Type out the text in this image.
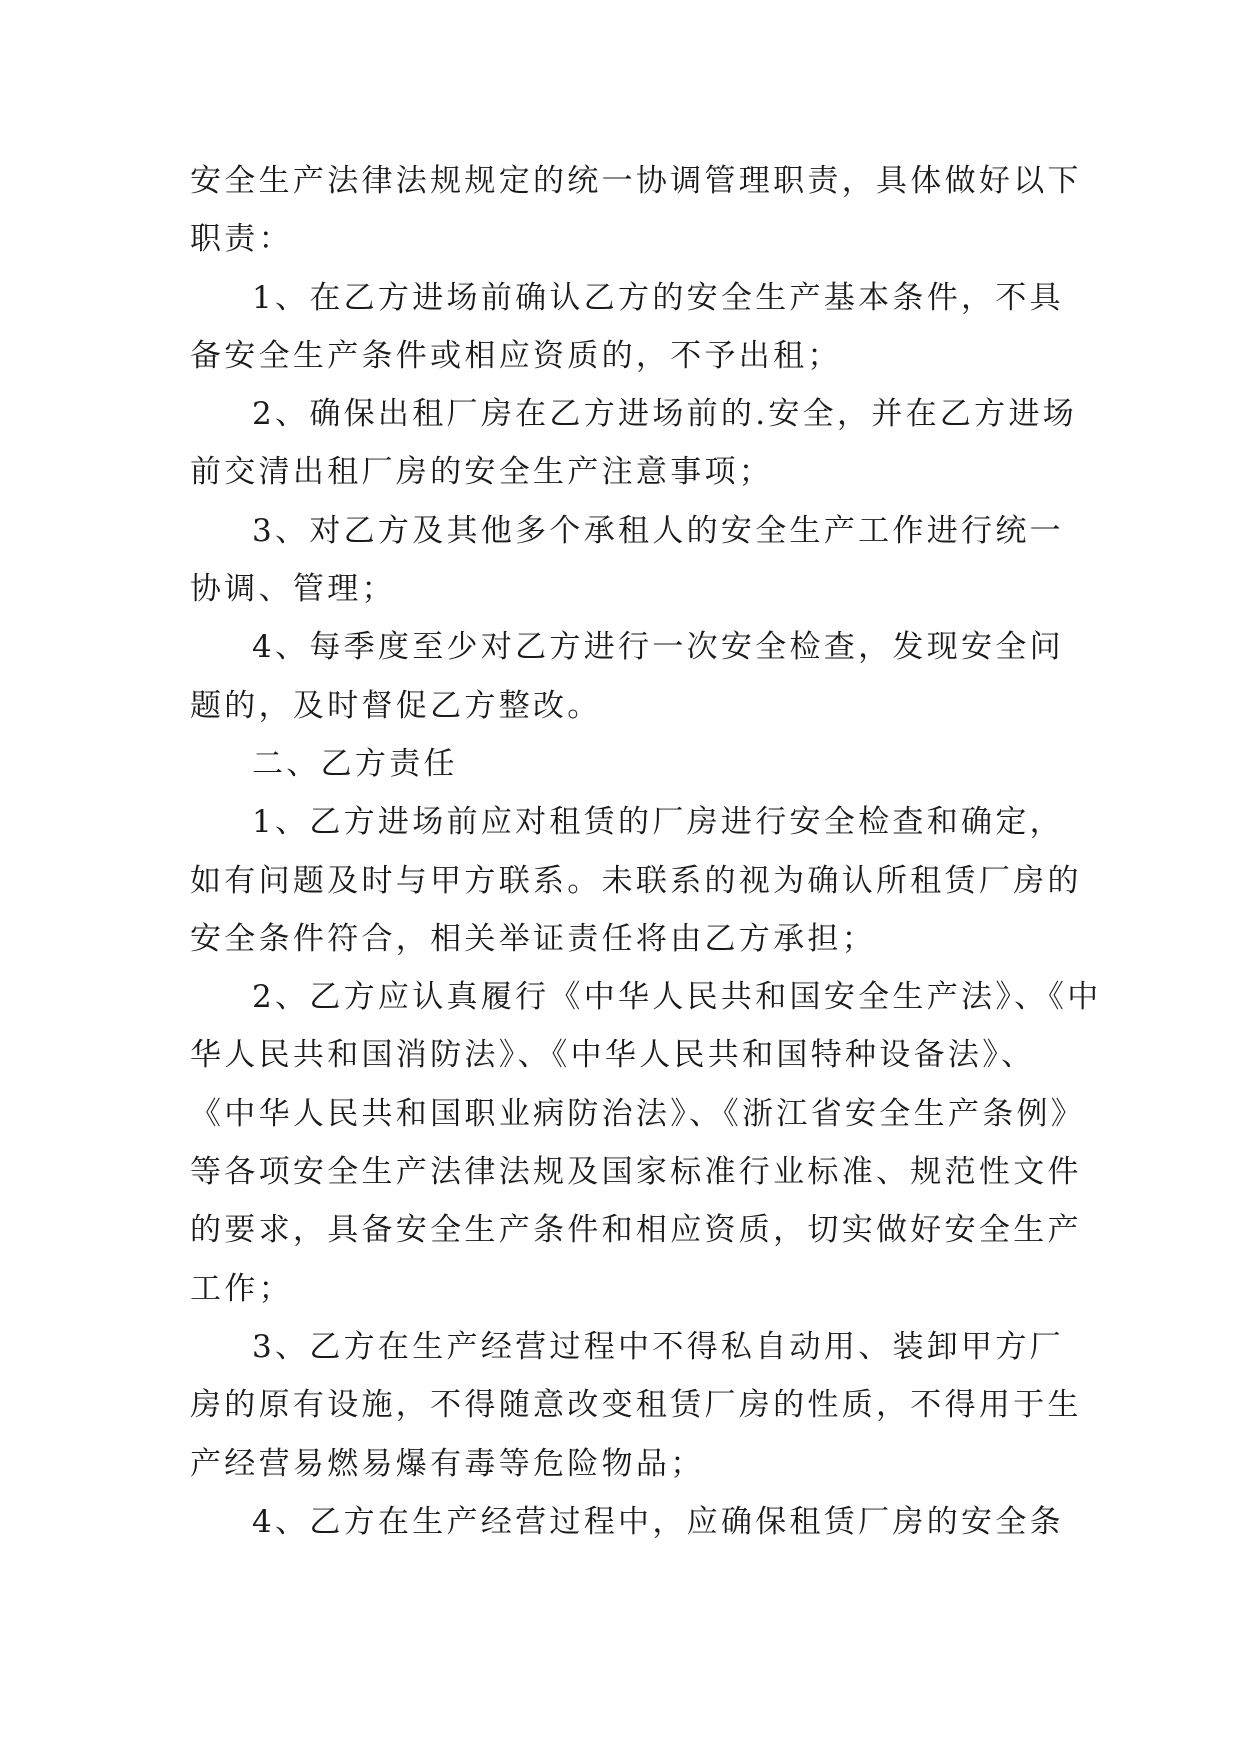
安全生产法律法规规定的统一协调管理职责，具体做好以下
职责：
1、在乙方进场前确认乙方的安全生产基本条件，不具
备安全生产条件或相应资质的，不予出租；
2、确保出租厂房在乙方进场前的.安全，并在乙方进场
前交清出租厂房的安全生产注意事项；
3、对乙方及其他多个承租人的安全生产工作进行统一
协调、管理；
4、每季度至少对乙方进行一次安全检查，发现安全问
题的，及时督促乙方整改。
二、乙方责任
1、乙方进场前应对租赁的厂房进行安全检查和确定，
如有问题及时与甲方联系。未联系的视为确认所租赁厂房的
安全条件符合，相关举证责任将由乙方承担；
2、乙方应认真履行《中华人民共和国安全生产法》、《中
华人民共和国消防法》、《中华人民共和国特种设备法》、
《中华人民共和国职业病防治法》、《浙江省安全生产条例》
等各项安全生产法律法规及国家标准行业标准、规范性文件
的要求，具备安全生产条件和相应资质，切实做好安全生产
工作；
3、乙方在生产经营过程中不得私自动用、装卸甲方厂
房的原有设施，不得随意改变租赁厂房的性质，不得用于生
产经营易燃易爆有毒等危险物品；
4、乙方在生产经营过程中，应确保租赁厂房的安全条
